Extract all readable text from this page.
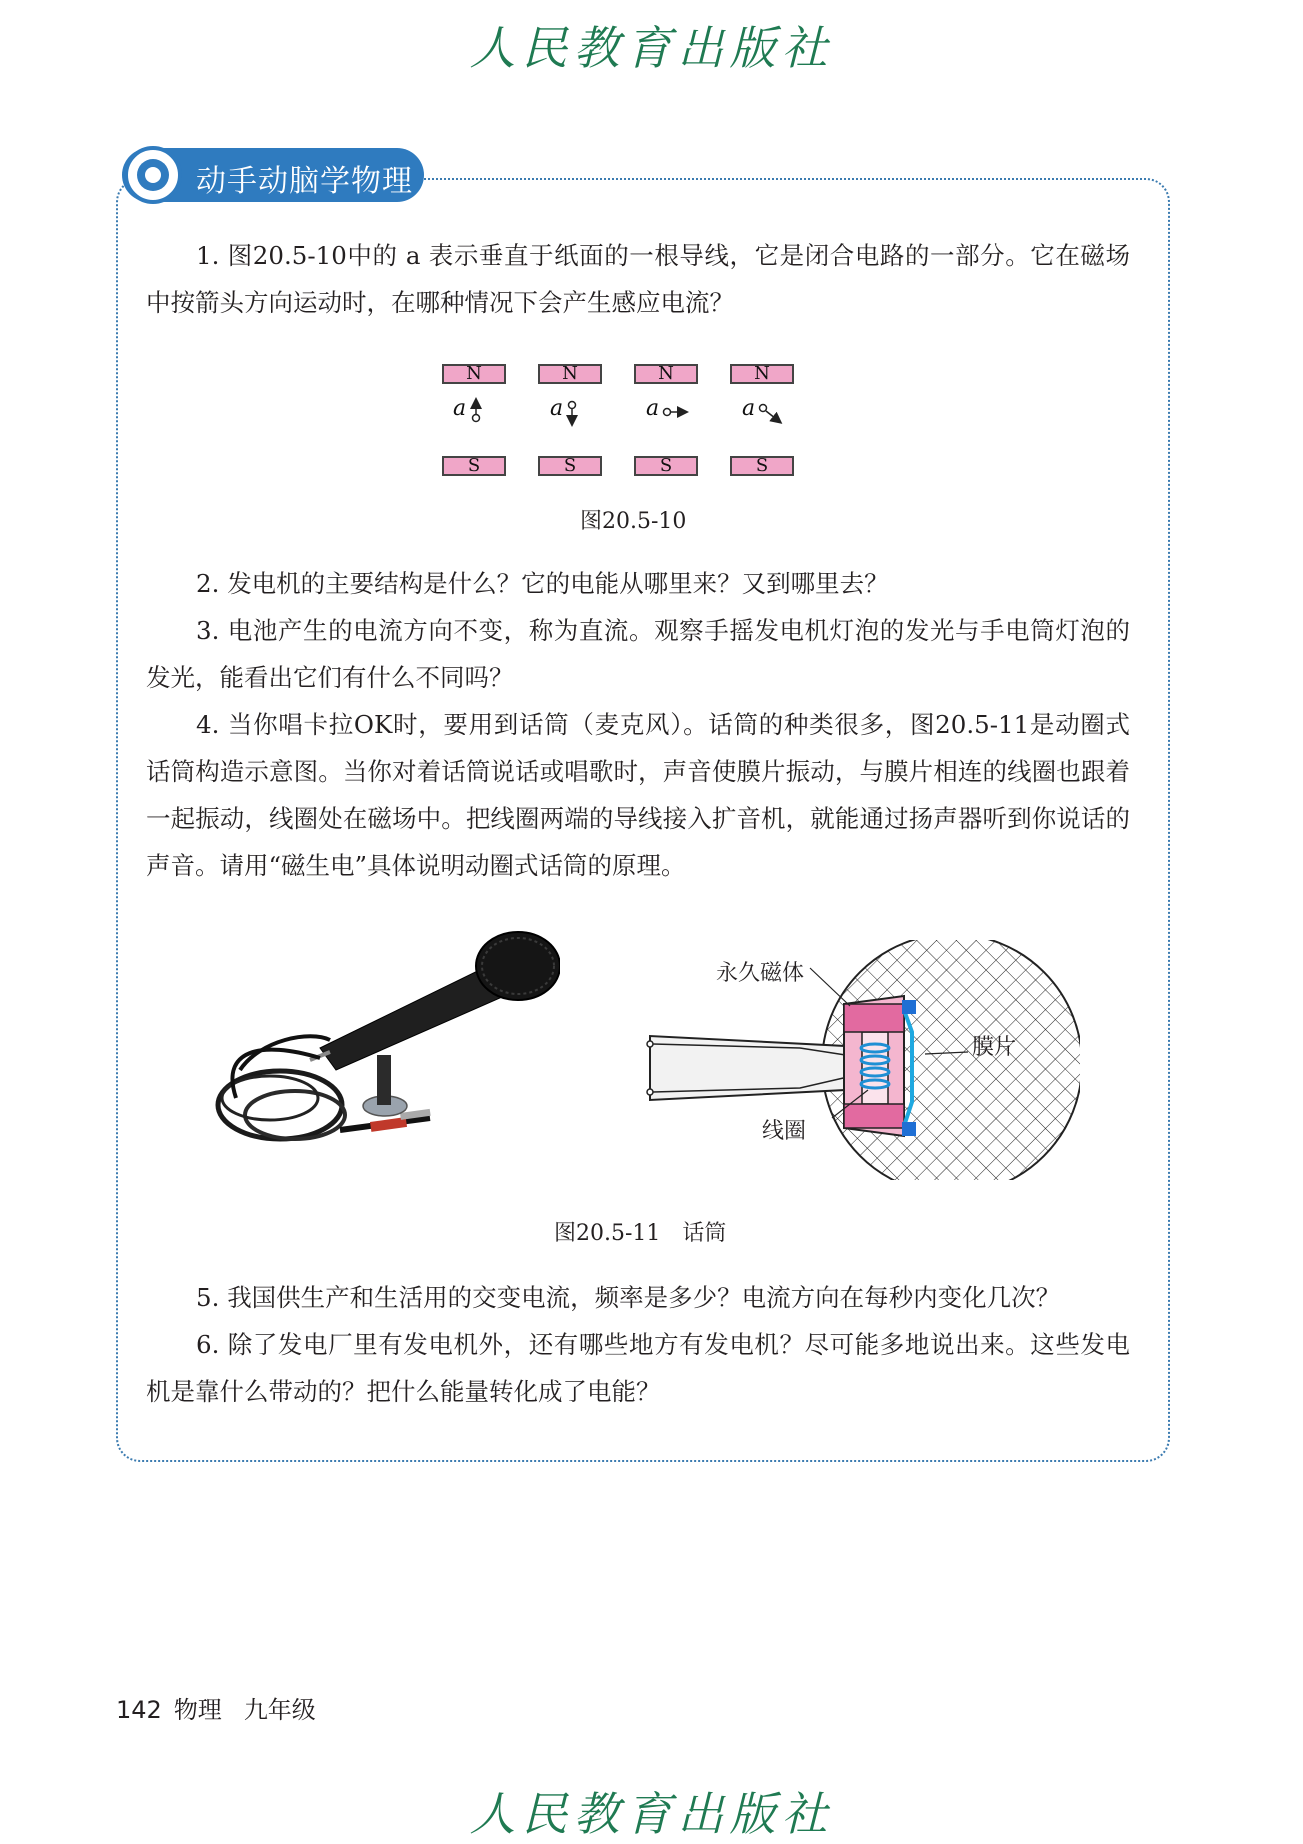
人民教育出版社
动手动脑学物理

1. 图20.5-10中的 a 表示垂直于纸面的一根导线，它是闭合电路的一部分。它在磁场中按箭头方向运动时，在哪种情况下会产生感应电流？

N	N	N	N
a	a	a	a
S	S	S	S
图20.5-10

2. 发电机的主要结构是什么？它的电能从哪里来？又到哪里去？

3. 电池产生的电流方向不变，称为直流。观察手摇发电机灯泡的发光与手电筒灯泡的发光，能看出它们有什么不同吗？

4. 当你唱卡拉OK时，要用到话筒（麦克风）。话筒的种类很多，图20.5-11是动圈式话筒构造示意图。当你对着话筒说话或唱歌时，声音使膜片振动，与膜片相连的线圈也跟着一起振动，线圈处在磁场中。把线圈两端的导线接入扩音机，就能通过扬声器听到你说话的声音。请用“磁生电”具体说明动圈式话筒的原理。

永久磁体
膜片
线圈
图20.5-11　话筒

5. 我国供生产和生活用的交变电流，频率是多少？电流方向在每秒内变化几次？

6. 除了发电厂里有发电机外，还有哪些地方有发电机？尽可能多地说出来。这些发电机是靠什么带动的？把什么能量转化成了电能？

142 物理 九年级
人民教育出版社
